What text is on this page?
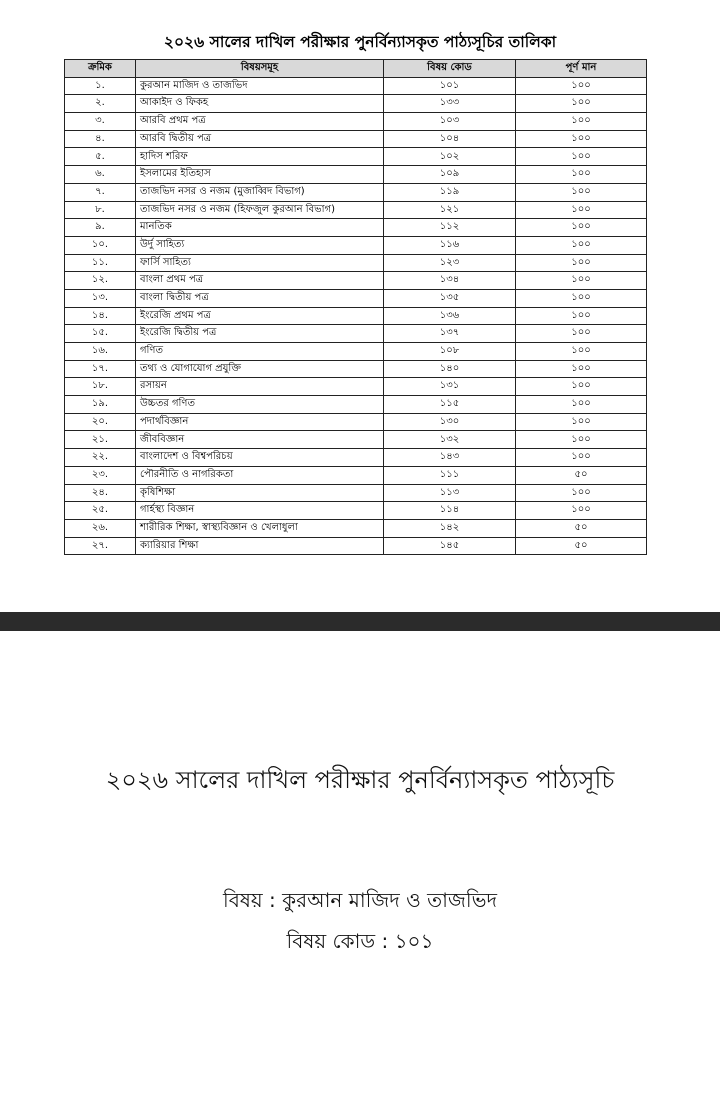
২০২৬ সালের দাখিল পরীক্ষার পুনর্বিন্যাসকৃত পাঠ্যসূচির তালিকা
ক্রমিক	বিষয়সমূহ	বিষয় কোড	পূর্ণ মান
১.	কুরআন মাজিদ ও তাজভিদ	১০১	১০০
২.	আকাইদ ও ফিকহ	১৩৩	১০০
৩.	আরবি প্রথম পত্র	১০৩	১০০
৪.	আরবি দ্বিতীয় পত্র	১০৪	১০০
৫.	হাদিস শরিফ	১০২	১০০
৬.	ইসলামের ইতিহাস	১০৯	১০০
৭.	তাজভিদ নসর ও নজম (মুজাব্বিদ বিভাগ)	১১৯	১০০
৮.	তাজভিদ নসর ও নজম (হিফজুল কুরআন বিভাগ)	১২১	১০০
৯.	মানতিক	১১২	১০০
১০.	উর্দু সাহিত্য	১১৬	১০০
১১.	ফার্সি সাহিত্য	১২৩	১০০
১২.	বাংলা প্রথম পত্র	১৩৪	১০০
১৩.	বাংলা দ্বিতীয় পত্র	১৩৫	১০০
১৪.	ইংরেজি প্রথম পত্র	১৩৬	১০০
১৫.	ইংরেজি দ্বিতীয় পত্র	১৩৭	১০০
১৬.	গণিত	১০৮	১০০
১৭.	তথ্য ও যোগাযোগ প্রযুক্তি	১৪০	১০০
১৮.	রসায়ন	১৩১	১০০
১৯.	উচ্চতর গণিত	১১৫	১০০
২০.	পদার্থবিজ্ঞান	১৩০	১০০
২১.	জীববিজ্ঞান	১৩২	১০০
২২.	বাংলাদেশ ও বিশ্বপরিচয়	১৪৩	১০০
২৩.	পৌরনীতি ও নাগরিকতা	১১১	৫০
২৪.	কৃষিশিক্ষা	১১৩	১০০
২৫.	গার্হস্থ্য বিজ্ঞান	১১৪	১০০
২৬.	শারীরিক শিক্ষা, স্বাস্থ্যবিজ্ঞান ও খেলাধুলা	১৪২	৫০
২৭.	ক্যারিয়ার শিক্ষা	১৪৫	৫০
২০২৬ সালের দাখিল পরীক্ষার পুনর্বিন্যাসকৃত পাঠ্যসূচি
বিষয় : কুরআন মাজিদ ও তাজভিদ
বিষয় কোড : ১০১
